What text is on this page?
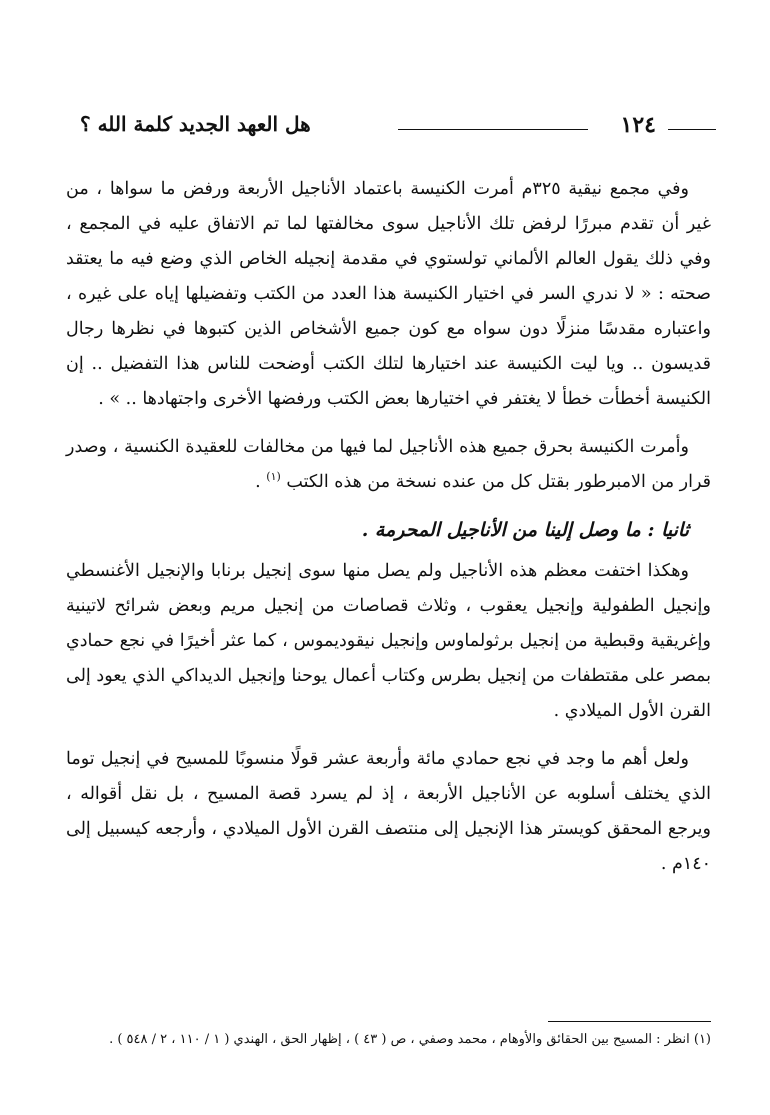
١٢٤
هل العهد الجديد كلمة الله ؟

وفي مجمع نيقية ٣٢٥م أمرت الكنيسة باعتماد الأناجيل الأربعة ورفض ما سواها ، من غير أن تقدم مبررًا لرفض تلك الأناجيل سوى مخالفتها لما تم الاتفاق عليه في المجمع ، وفي ذلك يقول العالم الألماني تولستوي في مقدمة إنجيله الخاص الذي وضع فيه ما يعتقد صحته : « لا ندري السر في اختيار الكنيسة هذا العدد من الكتب وتفضيلها إياه على غيره ، واعتباره مقدسًا منزلًا دون سواه مع كون جميع الأشخاص الذين كتبوها في نظرها رجال قديسون .. ويا ليت الكنيسة عند اختيارها لتلك الكتب أوضحت للناس هذا التفضيل .. إن الكنيسة أخطأت خطأ لا يغتفر في اختيارها بعض الكتب ورفضها الأخرى واجتهادها .. » .

وأمرت الكنيسة بحرق جميع هذه الأناجيل لما فيها من مخالفات للعقيدة الكنسية ، وصدر قرار من الامبرطور بقتل كل من عنده نسخة من هذه الكتب $^{(١)}$ .

ثانيا : ما وصل إلينا من الأناجيل المحرمة .

وهكذا اختفت معظم هذه الأناجيل ولم يصل منها سوى إنجيل برنابا والإنجيل الأغنسطي وإنجيل الطفولية وإنجيل يعقوب ، وثلاث قصاصات من إنجيل مريم وبعض شرائح لاتينية وإغريقية وقبطية من إنجيل برثولماوس وإنجيل نيقوديموس ، كما عثر أخيرًا في نجع حمادي بمصر على مقتطفات من إنجيل بطرس وكتاب أعمال يوحنا وإنجيل الديداكي الذي يعود إلى القرن الأول الميلادي .

ولعل أهم ما وجد في نجع حمادي مائة وأربعة عشر قولًا منسوبًا للمسيح في إنجيل توما الذي يختلف أسلوبه عن الأناجيل الأربعة ، إذ لم يسرد قصة المسيح ، بل نقل أقواله ، ويرجع المحقق كويستر هذا الإنجيل إلى منتصف القرن الأول الميلادي ، وأرجعه كيسبيل إلى ١٤٠م .

(١) انظر : المسيح بين الحقائق والأوهام ، محمد وصفي ، ص ( ٤٣ ) ، إظهار الحق ، الهندي ( ١ / ١١٠ ، ٢ / ٥٤٨ ) .
